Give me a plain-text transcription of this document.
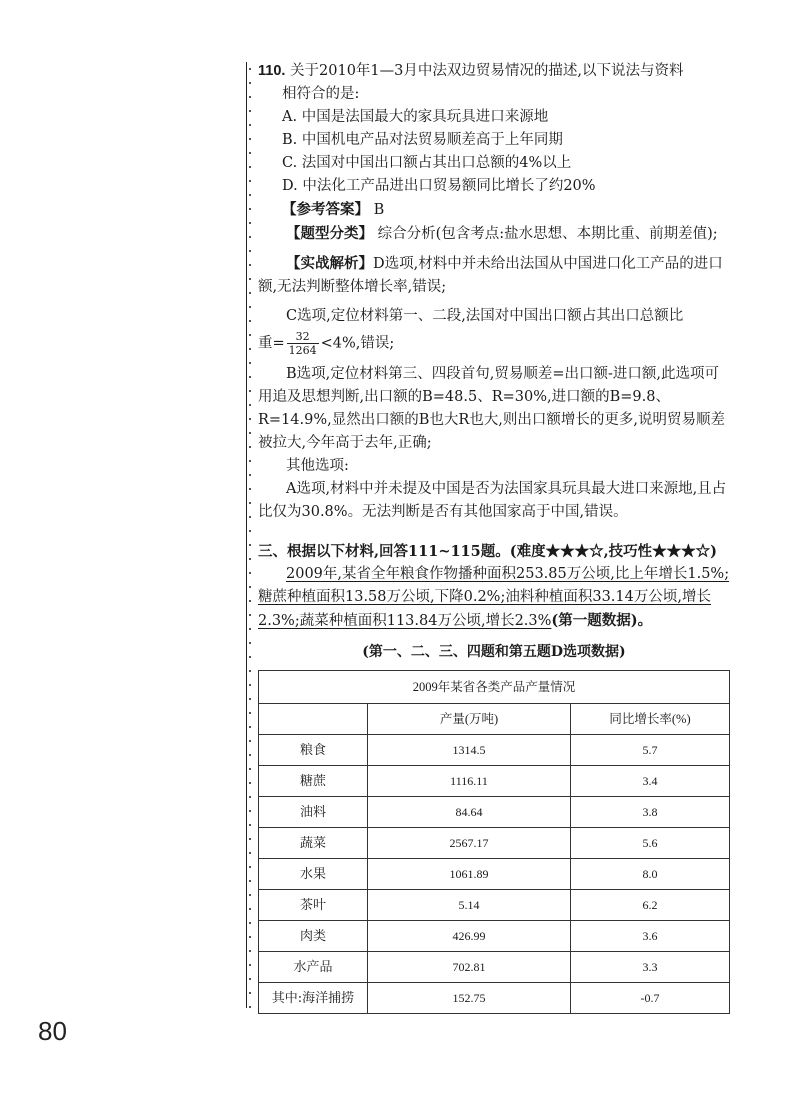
110. 关于2010年1—3月中法双边贸易情况的描述,以下说法与资料

相符合的是:

A. 中国是法国最大的家具玩具进口来源地

B. 中国机电产品对法贸易顺差高于上年同期

C. 法国对中国出口额占其出口总额的4%以上

D. 中法化工产品进出口贸易额同比增长了约20%

【参考答案】 B

【题型分类】 综合分析(包含考点:盐水思想、本期比重、前期差值);

【实战解析】D选项,材料中并未给出法国从中国进口化工产品的进口额,无法判断整体增长率,错误;

C选项,定位材料第一、二段,法国对中国出口额占其出口总额比

重= $\frac{32}{1264} <4\%$,错误;

B选项,定位材料第三、四段首句,贸易顺差=出口额-进口额,此选项可用追及思想判断,出口额的B=48.5、R=30%,进口额的B=9.8、R=14.9%,显然出口额的B也大R也大,则出口额增长的更多,说明贸易顺差被拉大,今年高于去年,正确;

其他选项:

A选项,材料中并未提及中国是否为法国家具玩具最大进口来源地,且占比仅为30.8%。无法判断是否有其他国家高于中国,错误。

三、根据以下材料,回答111~115题。(难度★★★☆,技巧性★★★☆)

2009年,某省全年粮食作物播种面积253.85万公顷,比上年增长1.5%;糖蔗种植面积13.58万公顷,下降0.2%;油料种植面积33.14万公顷,增长2.3%;蔬菜种植面积113.84万公顷,增长2.3%(第一题数据)。

(第一、二、三、四题和第五题D选项数据)

2009年某省各类产品产量情况		
	产量(万吨)	同比增长率(%)
粮食	1314.5	5.7
糖蔗	1116.11	3.4
油料	84.64	3.8
蔬菜	2567.17	5.6
水果	1061.89	8.0
茶叶	5.14	6.2
肉类	426.99	3.6
水产品	702.81	3.3
其中:海洋捕捞	152.75	-0.7
80
